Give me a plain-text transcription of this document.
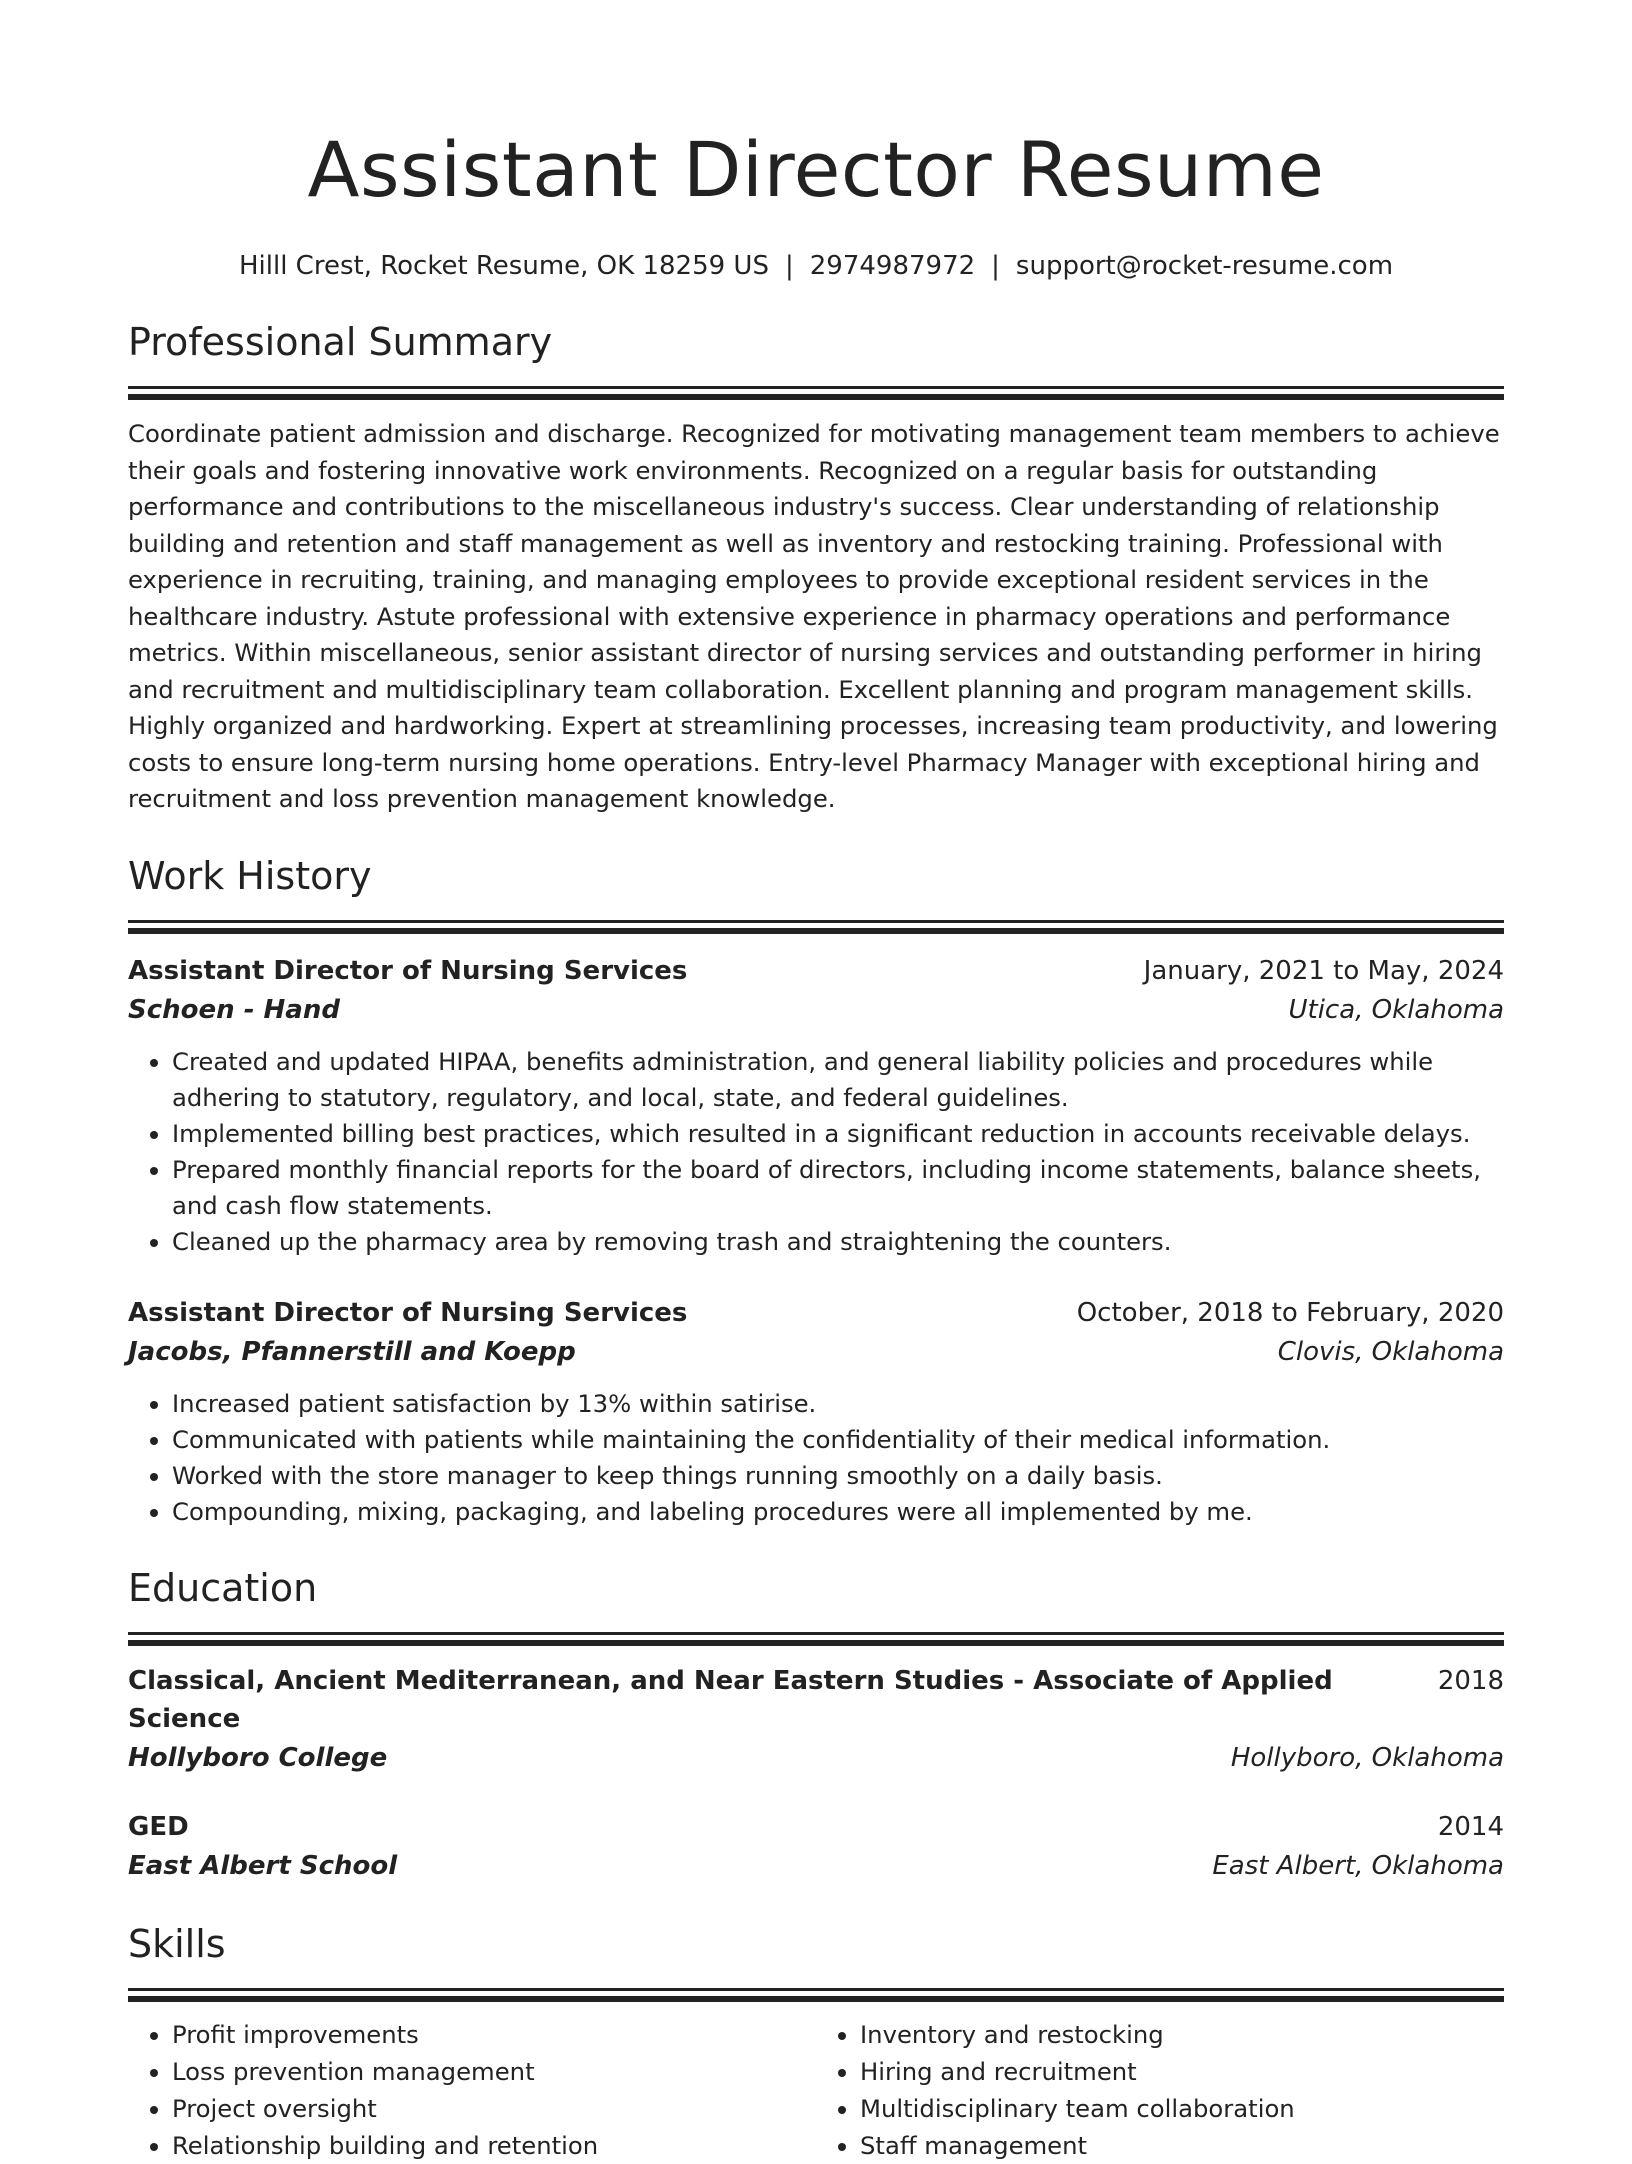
Assistant Director Resume
Hilll Crest, Rocket Resume, OK 18259 US | 2974987972 | support@rocket-resume.com
Professional Summary
Coordinate patient admission and discharge. Recognized for motivating management team members to achieve their goals and fostering innovative work environments. Recognized on a regular basis for outstanding performance and contributions to the miscellaneous industry's success. Clear understanding of relationship building and retention and staff management as well as inventory and restocking training. Professional with experience in recruiting, training, and managing employees to provide exceptional resident services in the healthcare industry. Astute professional with extensive experience in pharmacy operations and performance metrics. Within miscellaneous, senior assistant director of nursing services and outstanding performer in hiring and recruitment and multidisciplinary team collaboration. Excellent planning and program management skills. Highly organized and hardworking. Expert at streamlining processes, increasing team productivity, and lowering costs to ensure long-term nursing home operations. Entry-level Pharmacy Manager with exceptional hiring and recruitment and loss prevention management knowledge.
Work History
Assistant Director of Nursing Services	January, 2021 to May, 2024
Schoen - Hand	Utica, Oklahoma
• Created and updated HIPAA, benefits administration, and general liability policies and procedures while adhering to statutory, regulatory, and local, state, and federal guidelines.
• Implemented billing best practices, which resulted in a significant reduction in accounts receivable delays.
• Prepared monthly financial reports for the board of directors, including income statements, balance sheets, and cash flow statements.
• Cleaned up the pharmacy area by removing trash and straightening the counters.
Assistant Director of Nursing Services	October, 2018 to February, 2020
Jacobs, Pfannerstill and Koepp	Clovis, Oklahoma
• Increased patient satisfaction by 13% within satirise.
• Communicated with patients while maintaining the confidentiality of their medical information.
• Worked with the store manager to keep things running smoothly on a daily basis.
• Compounding, mixing, packaging, and labeling procedures were all implemented by me.
Education
Classical, Ancient Mediterranean, and Near Eastern Studies - Associate of Applied Science
2018
Hollyboro College	Hollyboro, Oklahoma
GED	2014
East Albert School	East Albert, Oklahoma
Skills
• Profit improvements
• Loss prevention management
• Project oversight
• Relationship building and retention
• Inventory and restocking
• Hiring and recruitment
• Multidisciplinary team collaboration
• Staff management
